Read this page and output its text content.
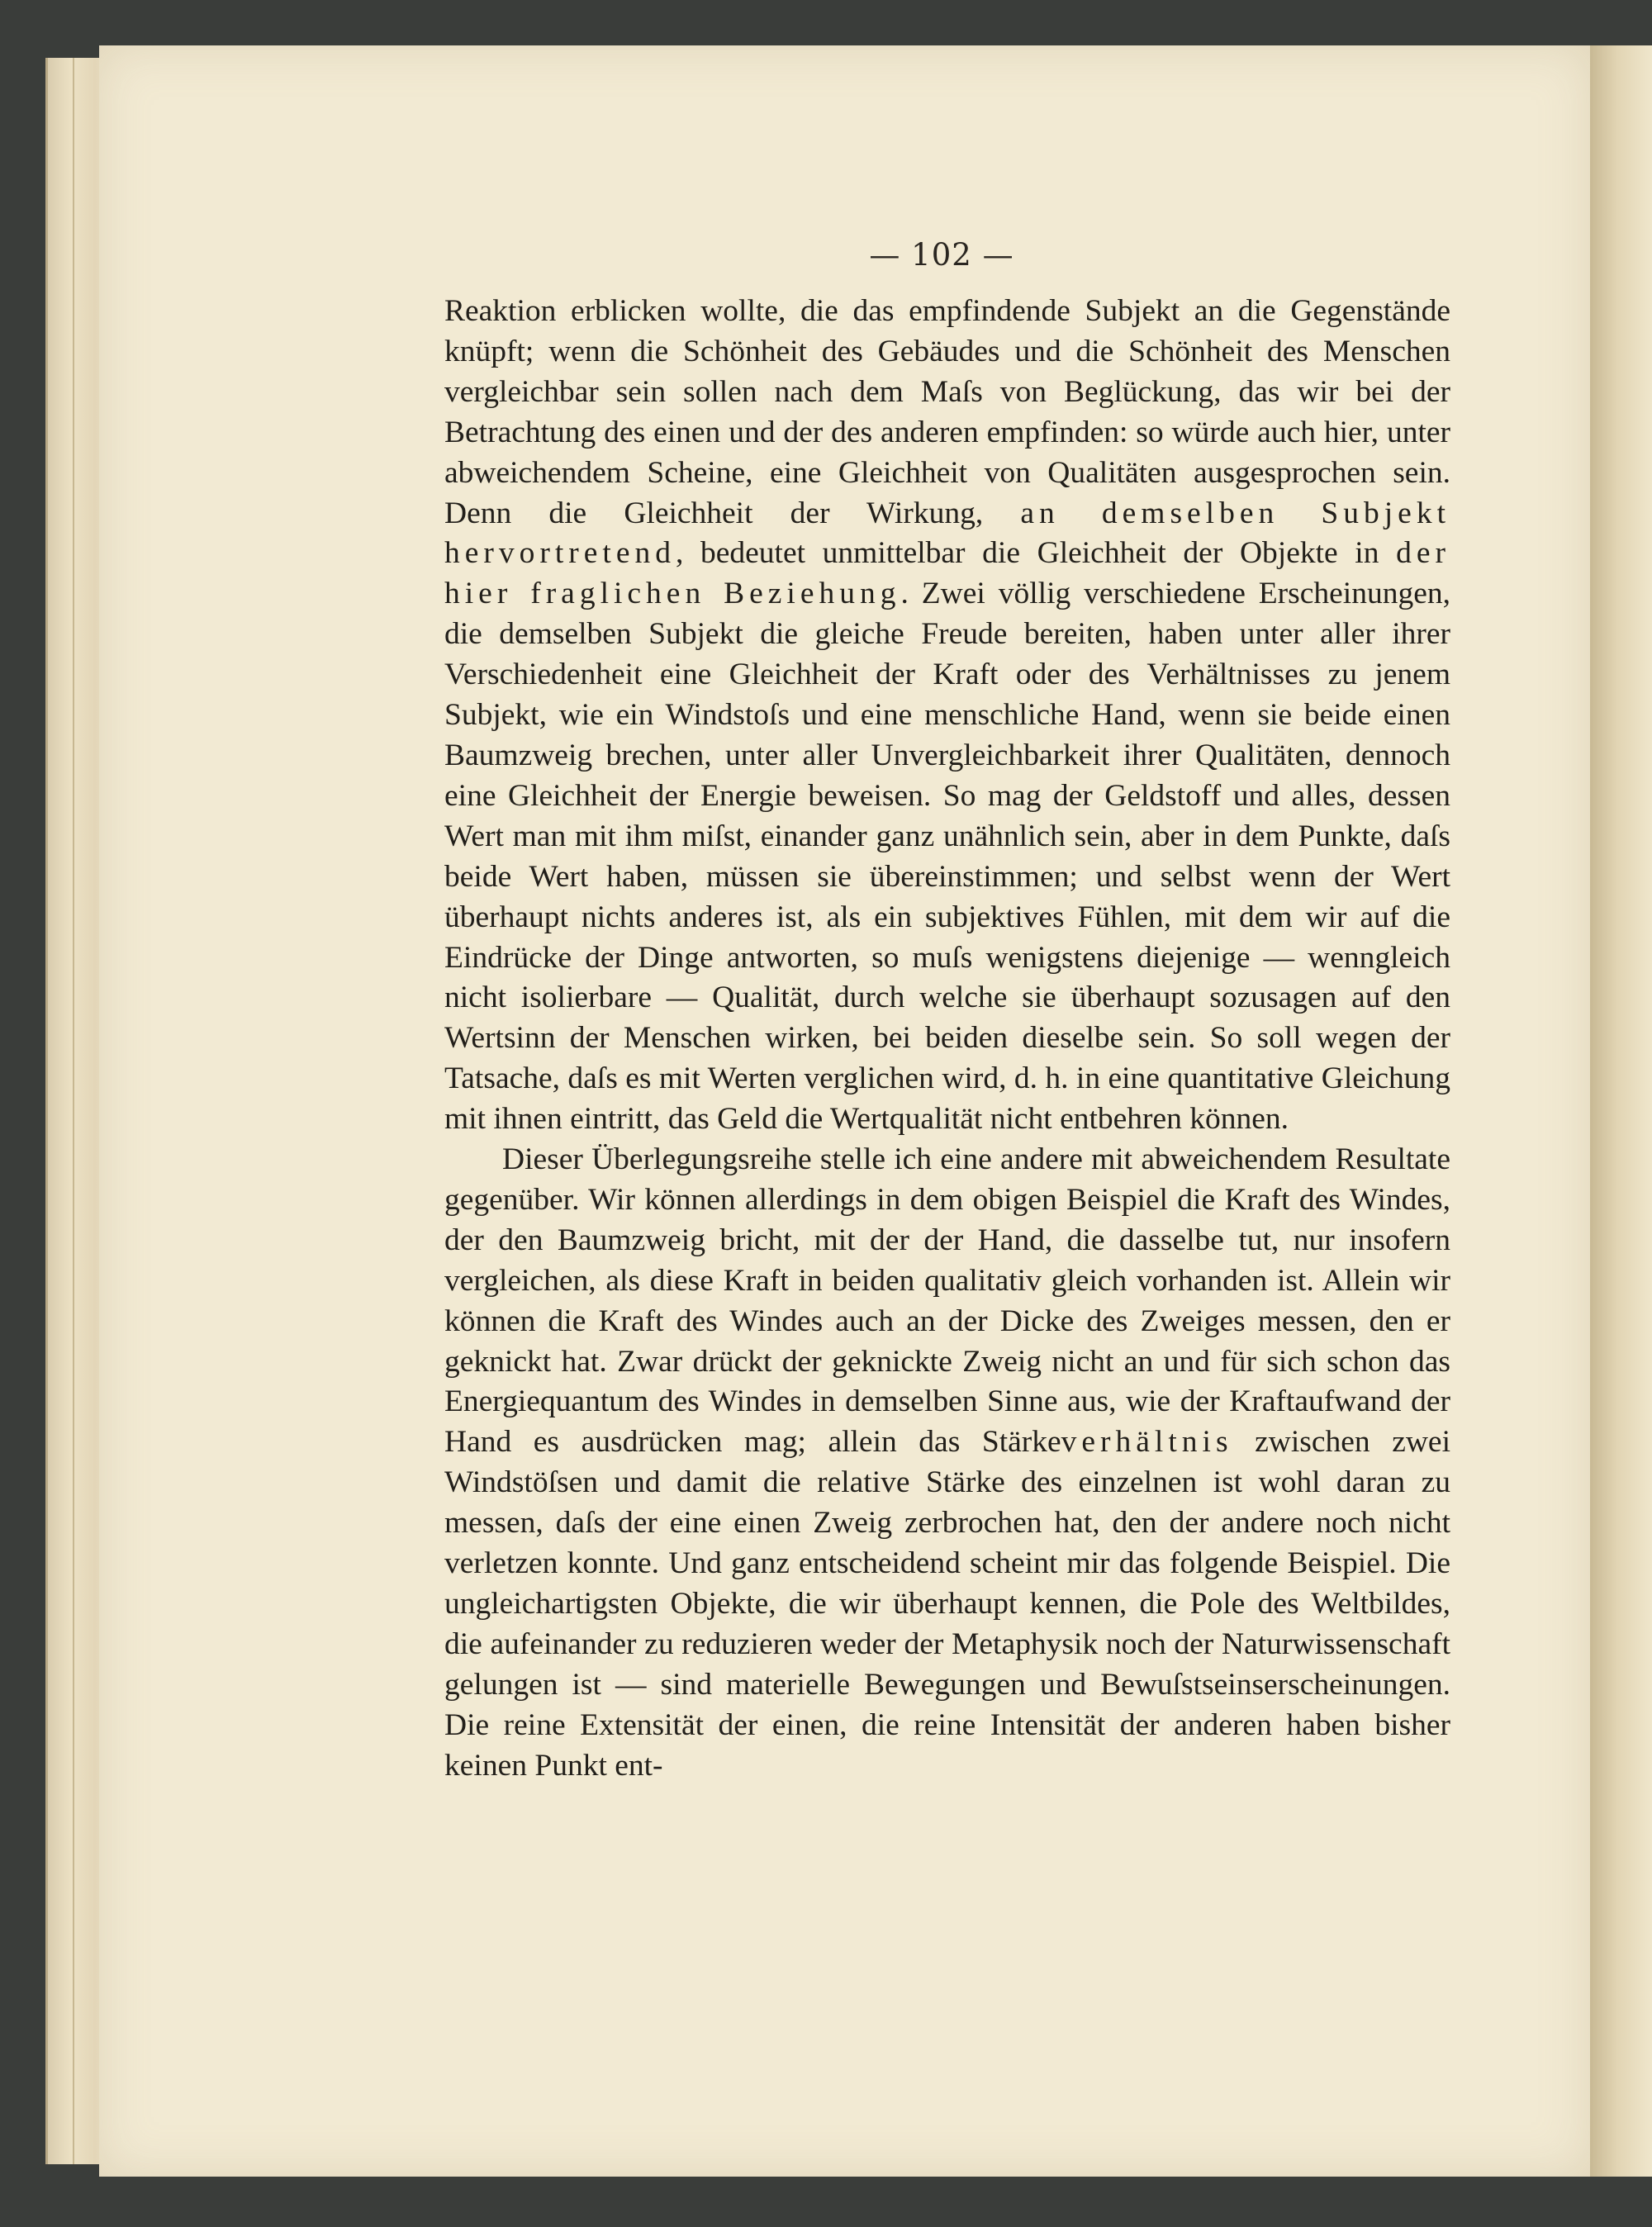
— 102 —

Reaktion erblicken wollte, die das empfindende Subjekt an die Gegenstände knüpft; wenn die Schönheit des Gebäudes und die Schönheit des Menschen vergleichbar sein sollen nach dem Maſs von Beglückung, das wir bei der Betrachtung des einen und der des anderen empfinden: so würde auch hier, unter abweichendem Scheine, eine Gleichheit von Qualitäten ausgesprochen sein. Denn die Gleichheit der Wirkung, an demselben Subjekt hervortretend, bedeutet unmittelbar die Gleichheit der Objekte in der hier fraglichen Beziehung. Zwei völlig verschiedene Erscheinungen, die demselben Subjekt die gleiche Freude bereiten, haben unter aller ihrer Verschiedenheit eine Gleichheit der Kraft oder des Verhältnisses zu jenem Subjekt, wie ein Windstoſs und eine menschliche Hand, wenn sie beide einen Baumzweig brechen, unter aller Unvergleichbarkeit ihrer Qualitäten, dennoch eine Gleichheit der Energie beweisen. So mag der Geldstoff und alles, dessen Wert man mit ihm miſst, einander ganz unähnlich sein, aber in dem Punkte, daſs beide Wert haben, müssen sie übereinstimmen; und selbst wenn der Wert überhaupt nichts anderes ist, als ein subjektives Fühlen, mit dem wir auf die Eindrücke der Dinge antworten, so muſs wenigstens diejenige — wenngleich nicht isolierbare — Qualität, durch welche sie überhaupt sozusagen auf den Wertsinn der Menschen wirken, bei beiden dieselbe sein. So soll wegen der Tatsache, daſs es mit Werten verglichen wird, d. h. in eine quantitative Gleichung mit ihnen eintritt, das Geld die Wertqualität nicht entbehren können.

Dieser Überlegungsreihe stelle ich eine andere mit abweichendem Resultate gegenüber. Wir können allerdings in dem obigen Beispiel die Kraft des Windes, der den Baumzweig bricht, mit der der Hand, die dasselbe tut, nur insofern vergleichen, als diese Kraft in beiden qualitativ gleich vorhanden ist. Allein wir können die Kraft des Windes auch an der Dicke des Zweiges messen, den er geknickt hat. Zwar drückt der geknickte Zweig nicht an und für sich schon das Energiequantum des Windes in demselben Sinne aus, wie der Kraftaufwand der Hand es ausdrücken mag; allein das Stärkeverhältnis zwischen zwei Windstöſsen und damit die relative Stärke des einzelnen ist wohl daran zu messen, daſs der eine einen Zweig zerbrochen hat, den der andere noch nicht verletzen konnte. Und ganz entscheidend scheint mir das folgende Beispiel. Die ungleichartigsten Objekte, die wir überhaupt kennen, die Pole des Weltbildes, die aufeinander zu reduzieren weder der Metaphysik noch der Naturwissenschaft gelungen ist — sind materielle Bewegungen und Bewuſstseinserscheinungen. Die reine Extensität der einen, die reine Intensität der anderen haben bisher keinen Punkt ent-
